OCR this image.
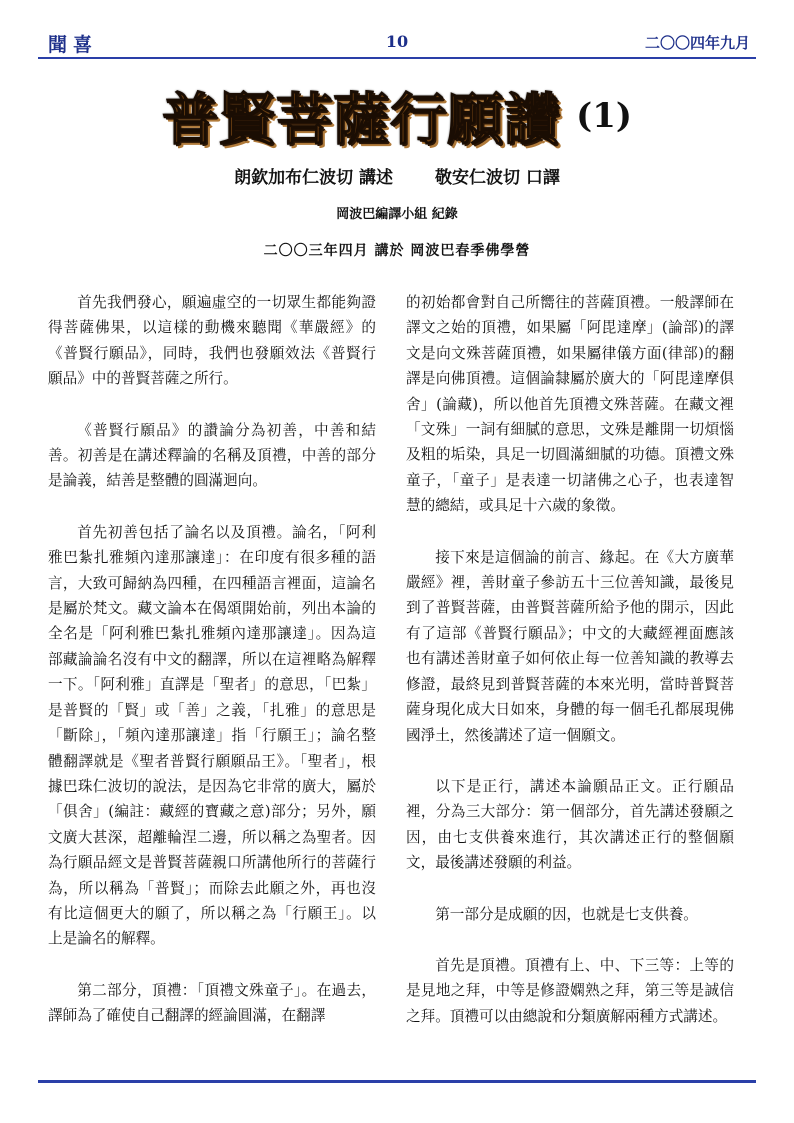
聞喜	10	二〇〇四年九月
普賢菩薩行願讚 (1)
朗欽加布仁波切 講述 敬安仁波切 口譯
岡波巴編譯小組 紀錄
二〇〇三年四月 講於 岡波巴春季佛學營

首先我們發心，願遍虛空的一切眾生都能夠證得菩薩佛果，以這樣的動機來聽聞《華嚴經》的《普賢行願品》，同時，我們也發願效法《普賢行願品》中的普賢菩薩之所行。

《普賢行願品》的讚論分為初善，中善和結善。初善是在講述釋論的名稱及頂禮，中善的部分是論義，結善是整體的圓滿迴向。

首先初善包括了論名以及頂禮。論名，「阿利雅巴紮扎雅頻內達那讓達」：在印度有很多種的語言，大致可歸納為四種，在四種語言裡面，這論名是屬於梵文。藏文論本在偈頌開始前，列出本論的全名是「阿利雅巴紮扎雅頻內達那讓達」。因為這部藏論論名沒有中文的翻譯，所以在這裡略為解釋一下。「阿利雅」直譯是「聖者」的意思，「巴紮」是普賢的「賢」或「善」之義，「扎雅」的意思是「斷除」，「頻內達那讓達」指「行願王」；論名整體翻譯就是《聖者普賢行願願品王》。「聖者」，根據巴珠仁波切的說法，是因為它非常的廣大，屬於「俱舍」(編註：藏經的寶藏之意)部分；另外，願文廣大甚深，超離輪涅二邊，所以稱之為聖者。因為行願品經文是普賢菩薩親口所講他所行的菩薩行為，所以稱為「普賢」；而除去此願之外，再也沒有比這個更大的願了，所以稱之為「行願王」。以上是論名的解釋。

第二部分，頂禮：「頂禮文殊童子」。在過去，譯師為了確使自己翻譯的經論圓滿，在翻譯

的初始都會對自己所嚮往的菩薩頂禮。一般譯師在譯文之始的頂禮，如果屬「阿毘達摩」(論部)的譯文是向文殊菩薩頂禮，如果屬律儀方面(律部)的翻譯是向佛頂禮。這個論隸屬於廣大的「阿毘達摩俱舍」(論藏)，所以他首先頂禮文殊菩薩。在藏文裡「文殊」一詞有細膩的意思，文殊是離開一切煩惱及粗的垢染，具足一切圓滿細膩的功德。頂禮文殊童子，「童子」是表達一切諸佛之心子，也表達智慧的總結，或具足十六歲的象徵。

接下來是這個論的前言、緣起。在《大方廣華嚴經》裡，善財童子參訪五十三位善知識，最後見到了普賢菩薩，由普賢菩薩所給予他的開示，因此有了這部《普賢行願品》；中文的大藏經裡面應該也有講述善財童子如何依止每一位善知識的教導去修證，最終見到普賢菩薩的本來光明，當時普賢菩薩身現化成大日如來，身體的每一個毛孔都展現佛國淨土，然後講述了這一個願文。

以下是正行，講述本論願品正文。正行願品裡，分為三大部分：第一個部分，首先講述發願之因，由七支供養來進行，其次講述正行的整個願文，最後講述發願的利益。

第一部分是成願的因，也就是七支供養。

首先是頂禮。頂禮有上、中、下三等：上等的是見地之拜，中等是修證嫻熟之拜，第三等是誠信之拜。頂禮可以由總說和分類廣解兩種方式講述。
